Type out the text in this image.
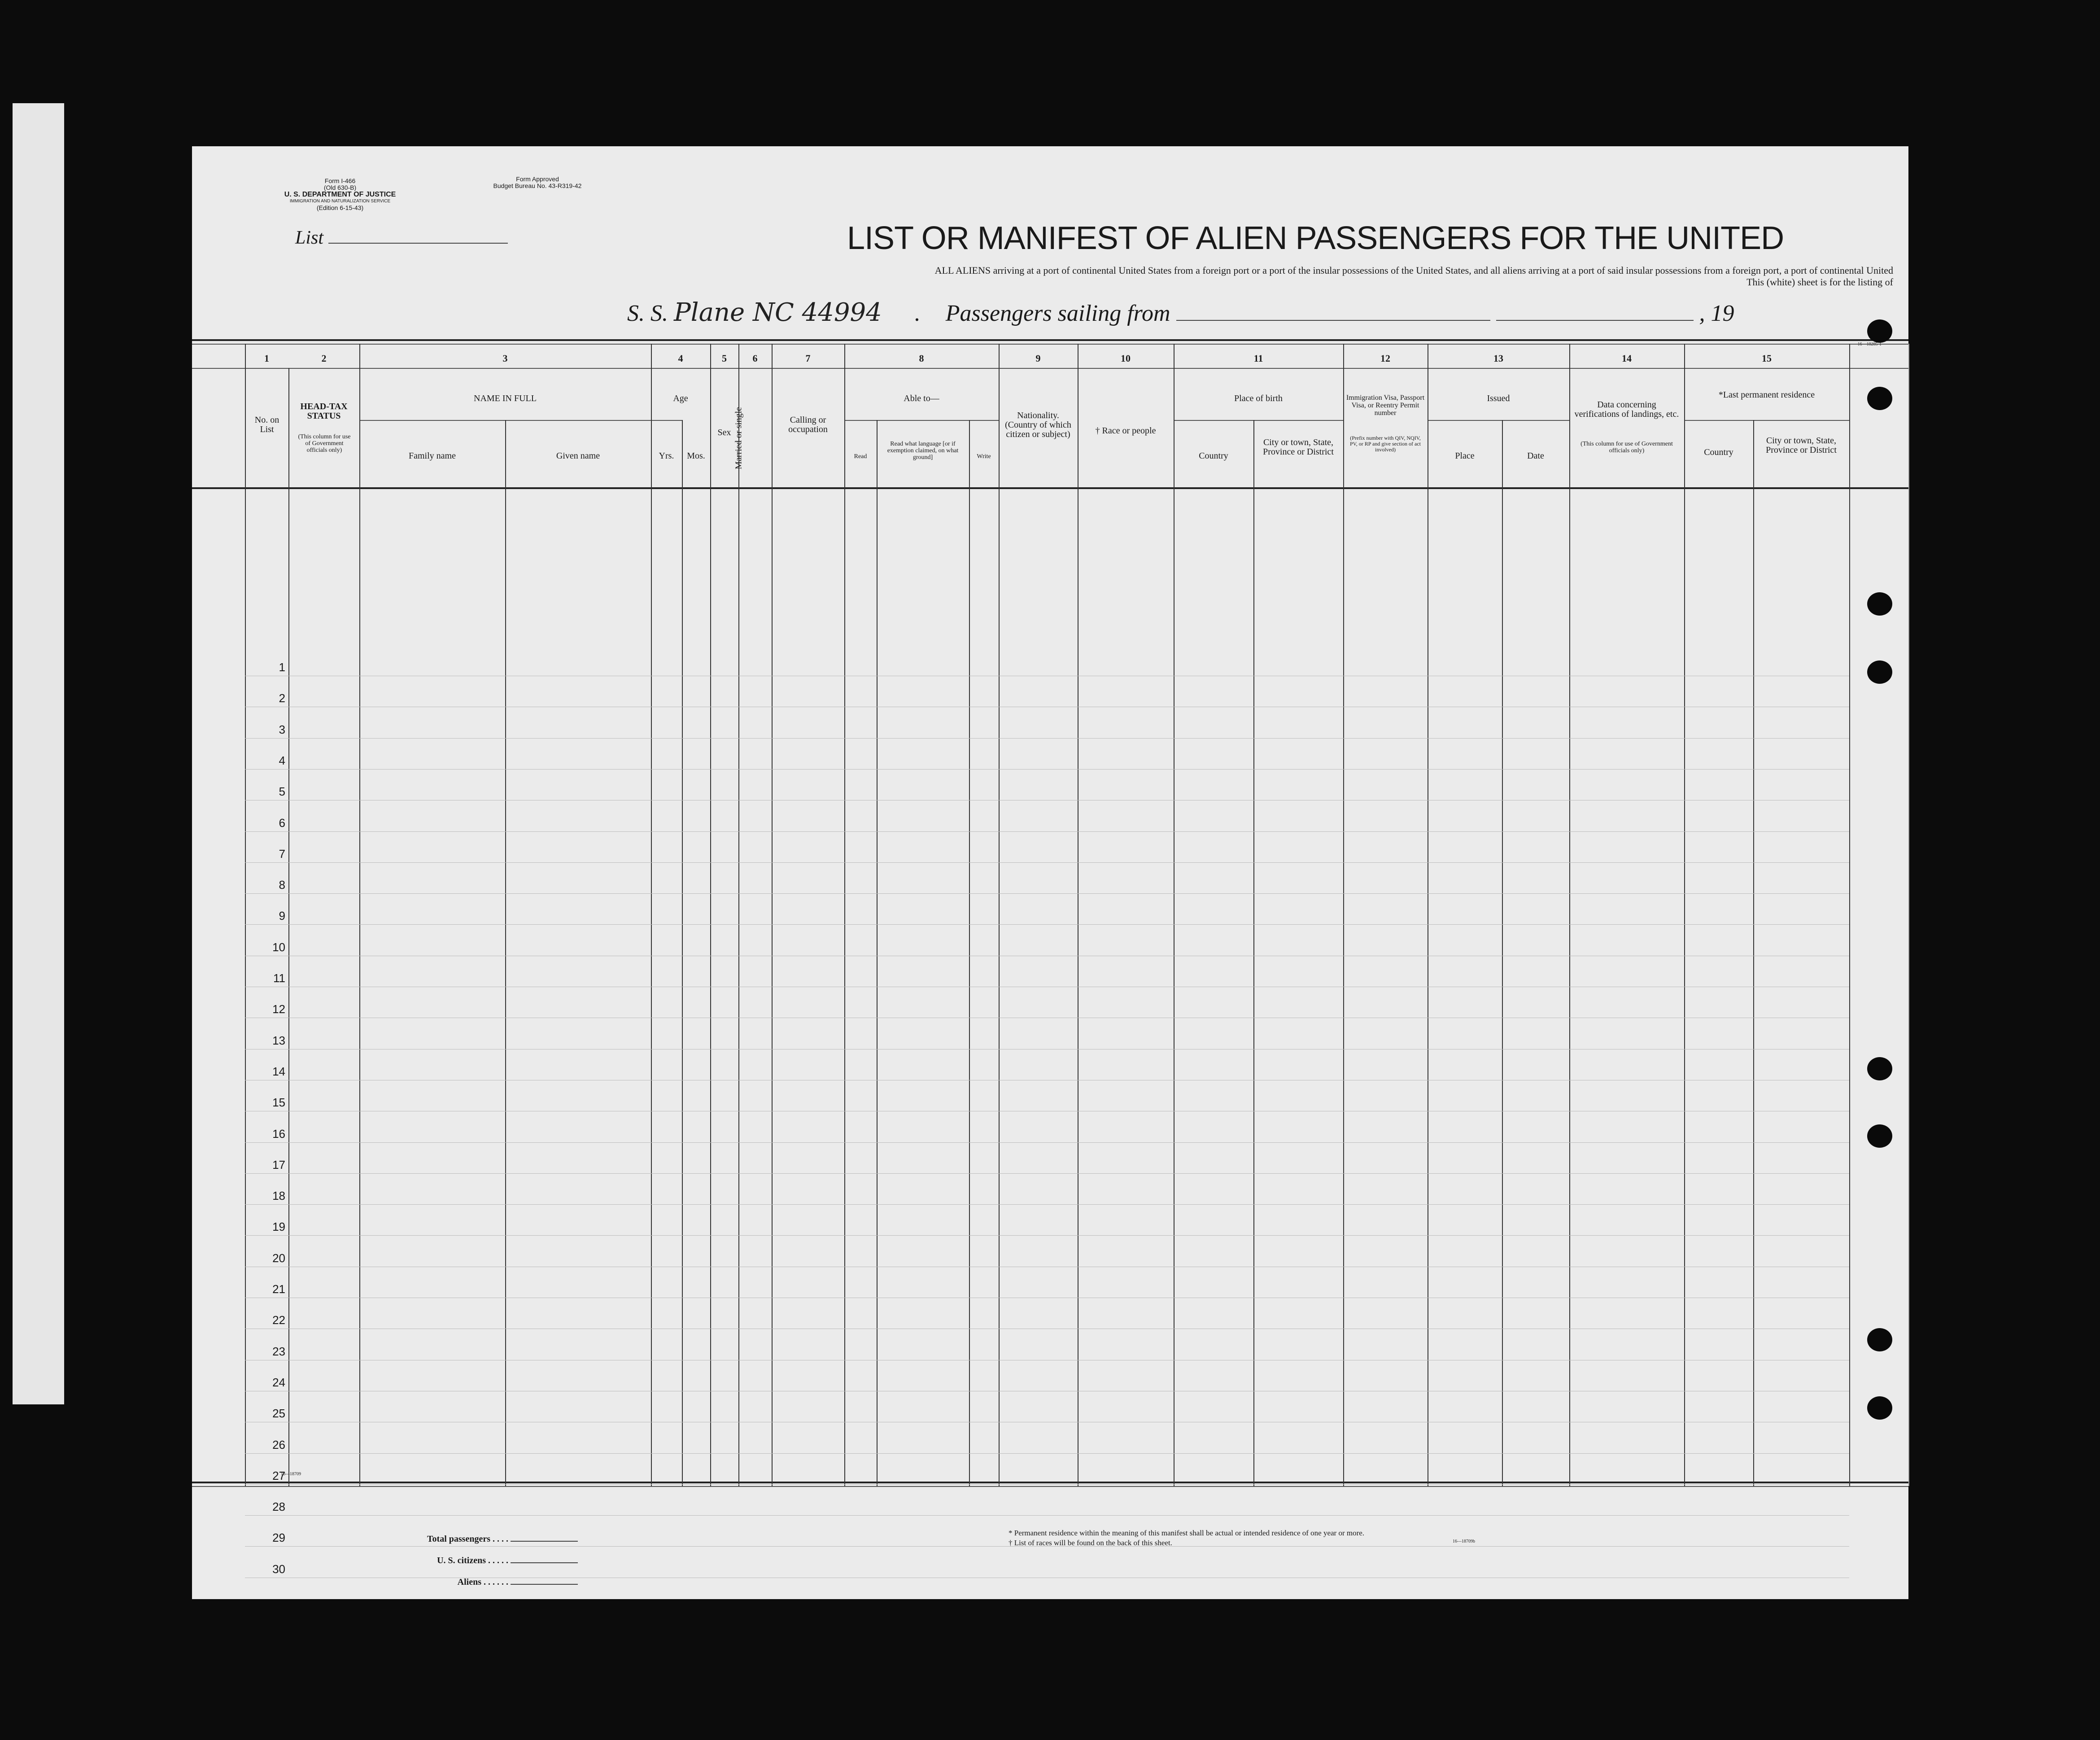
Form I-466
(Old 630-B)
U. S. DEPARTMENT OF JUSTICE
IMMIGRATION AND NATURALIZATION SERVICE
(Edition 6-15-43)
Form Approved
Budget Bureau No. 43-R319-42
List	LIST OR MANIFEST OF ALIEN PASSENGERS FOR THE UNITED
ALL ALIENS arriving at a port of continental United States from a foreign port or a port of the insular possessions of the United States, and all aliens arriving at a port of said insular possessions from a foreign port, a port of continental United
This (white) sheet is for the listing of
S. S. Plane NC 44994 .  Passengers sailing from	, 19
16—18285-1
1	2	3	4	5	6	7	8	9	10	11	12	13	14	15
No. on List
HEAD-TAX STATUS
(This column for use of Government officials only)
NAME IN FULL
Family name	Given name
Age
Yrs.	Mos.
Sex Married or single	Calling or occupation
Able to—
Read
Read what language [or if exemption claimed, on what ground]	Write
Nationality. (Country of which citizen or subject)	† Race or people
Place of birth
Country
City or town, State, Province or District
Immigration Visa, Passport Visa, or Reentry Permit number
(Prefix number with QIV, NQIV, PV, or RP and give section of act involved)
Issued
Place	Date
Data concerning verifications of landings, etc.
(This column for use of Government officials only)
*Last permanent residence
Country
City or town, State, Province or District
1
2
3
4
5
6
7
8
9
10
11
12
13
14
15
16
17
18
19
20
21
22
23
24
25
26
27
28
29
30
16—18709
Total passengers . . . .
U. S. citizens . . . . .
Aliens . . . . . .
* Permanent residence within the meaning of this manifest shall be actual or intended residence of one year or more.
† List of races will be found on the back of this sheet.	16—18709b
